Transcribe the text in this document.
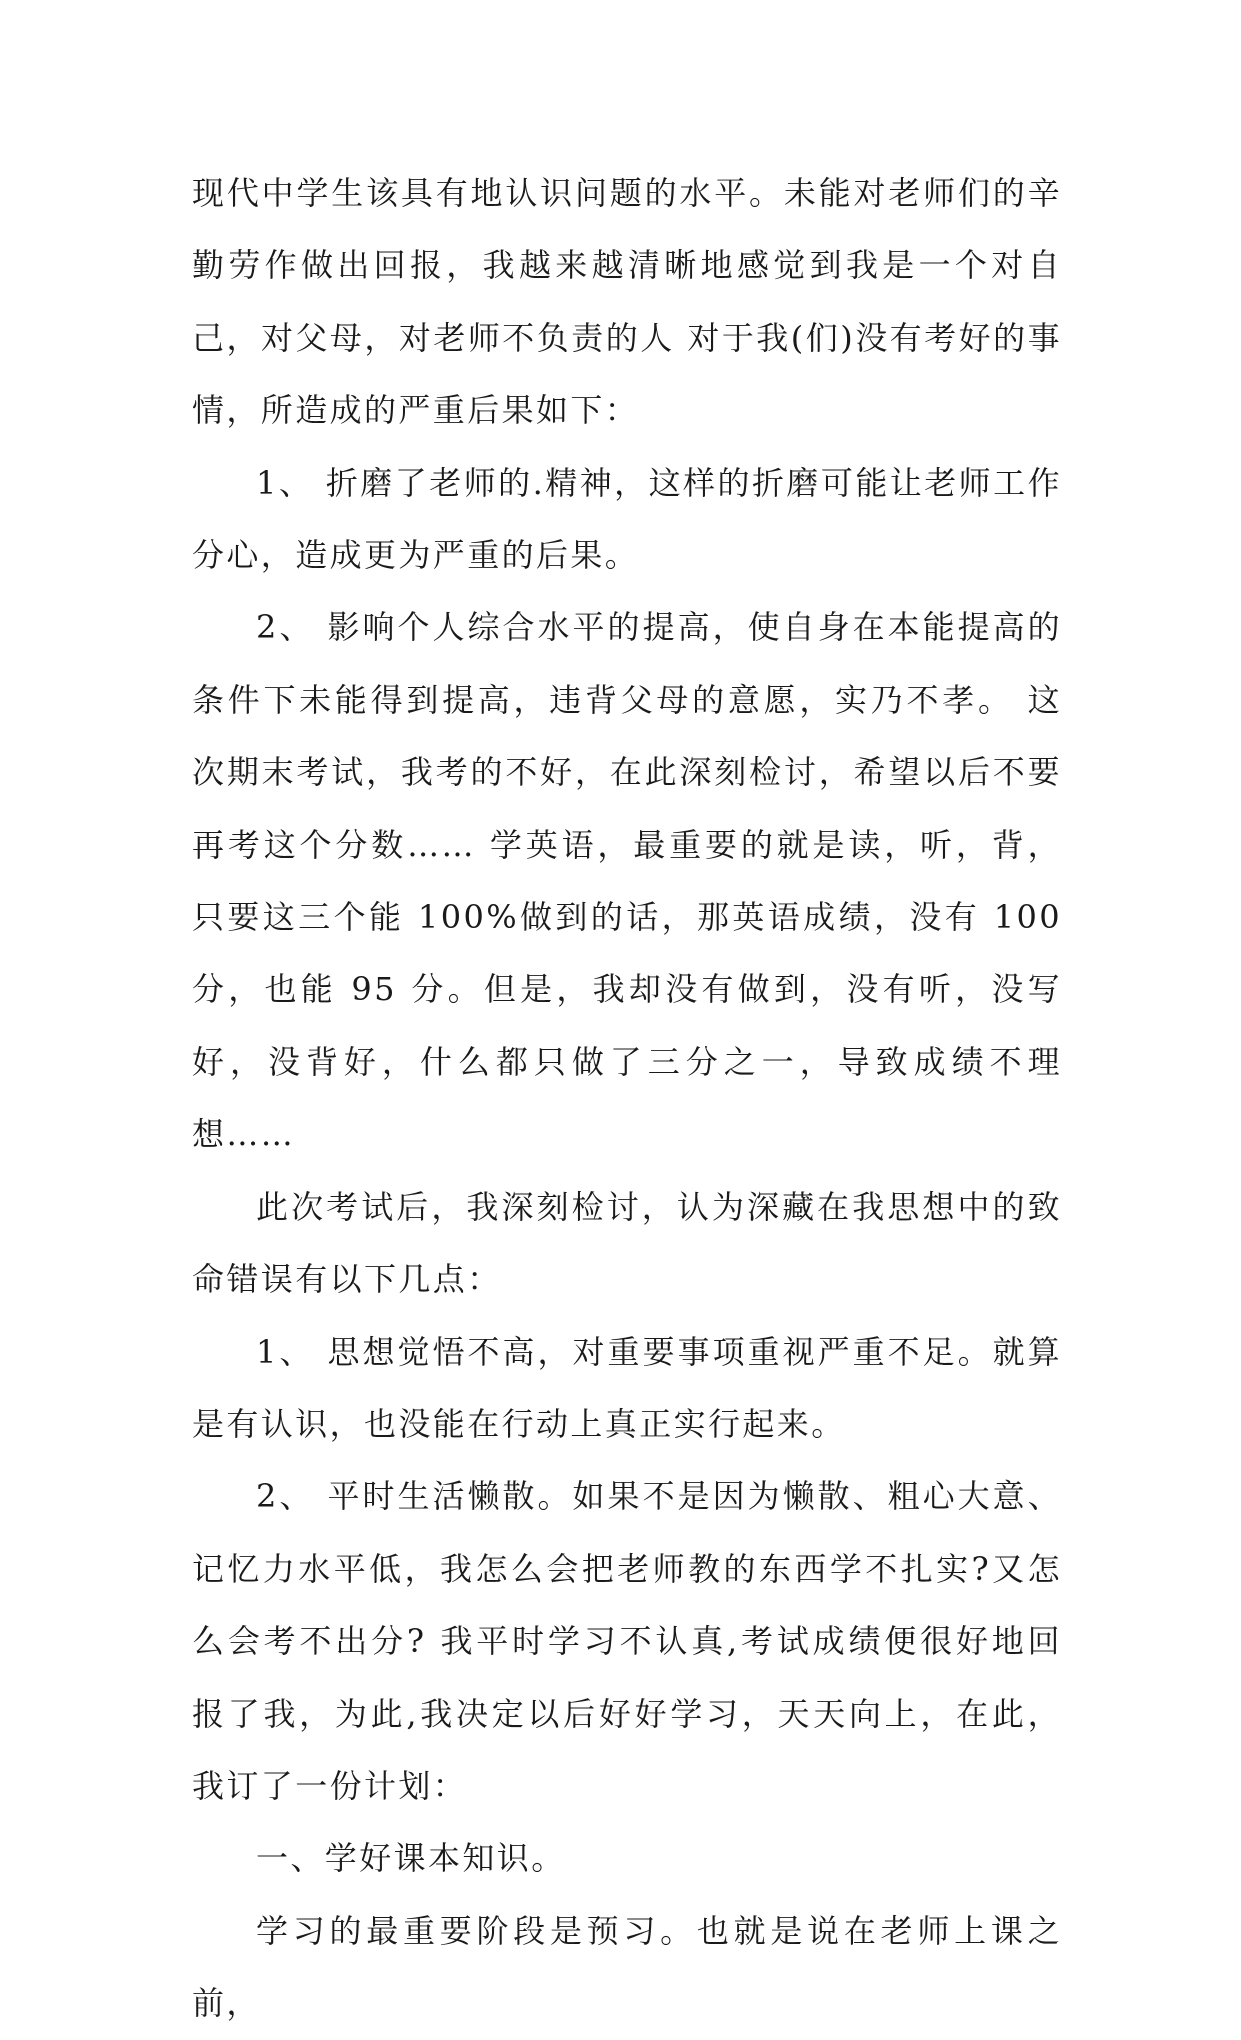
现代中学生该具有地认识问题的水平。未能对老师们的辛勤劳作做出回报，我越来越清晰地感觉到我是一个对自己，对父母，对老师不负责的人 对于我(们)没有考好的事情，所造成的严重后果如下：

1、 折磨了老师的.精神，这样的折磨可能让老师工作分心，造成更为严重的后果。

2、 影响个人综合水平的提高，使自身在本能提高的条件下未能得到提高，违背父母的意愿，实乃不孝。 这次期末考试，我考的不好，在此深刻检讨，希望以后不要再考这个分数…… 学英语，最重要的就是读，听，背，只要这三个能 100%做到的话，那英语成绩，没有 100 分，也能 95 分。但是，我却没有做到，没有听，没写好，没背好，什么都只做了三分之一，导致成绩不理想……

此次考试后，我深刻检讨，认为深藏在我思想中的致命错误有以下几点：

1、 思想觉悟不高，对重要事项重视严重不足。就算是有认识，也没能在行动上真正实行起来。

2、 平时生活懒散。如果不是因为懒散、粗心大意、记忆力水平低，我怎么会把老师教的东西学不扎实?又怎么会考不出分? 我平时学习不认真,考试成绩便很好地回报了我，为此,我决定以后好好学习，天天向上，在此，我订了一份计划：

一、学好课本知识。

学习的最重要阶段是预习。也就是说在老师上课之前，
